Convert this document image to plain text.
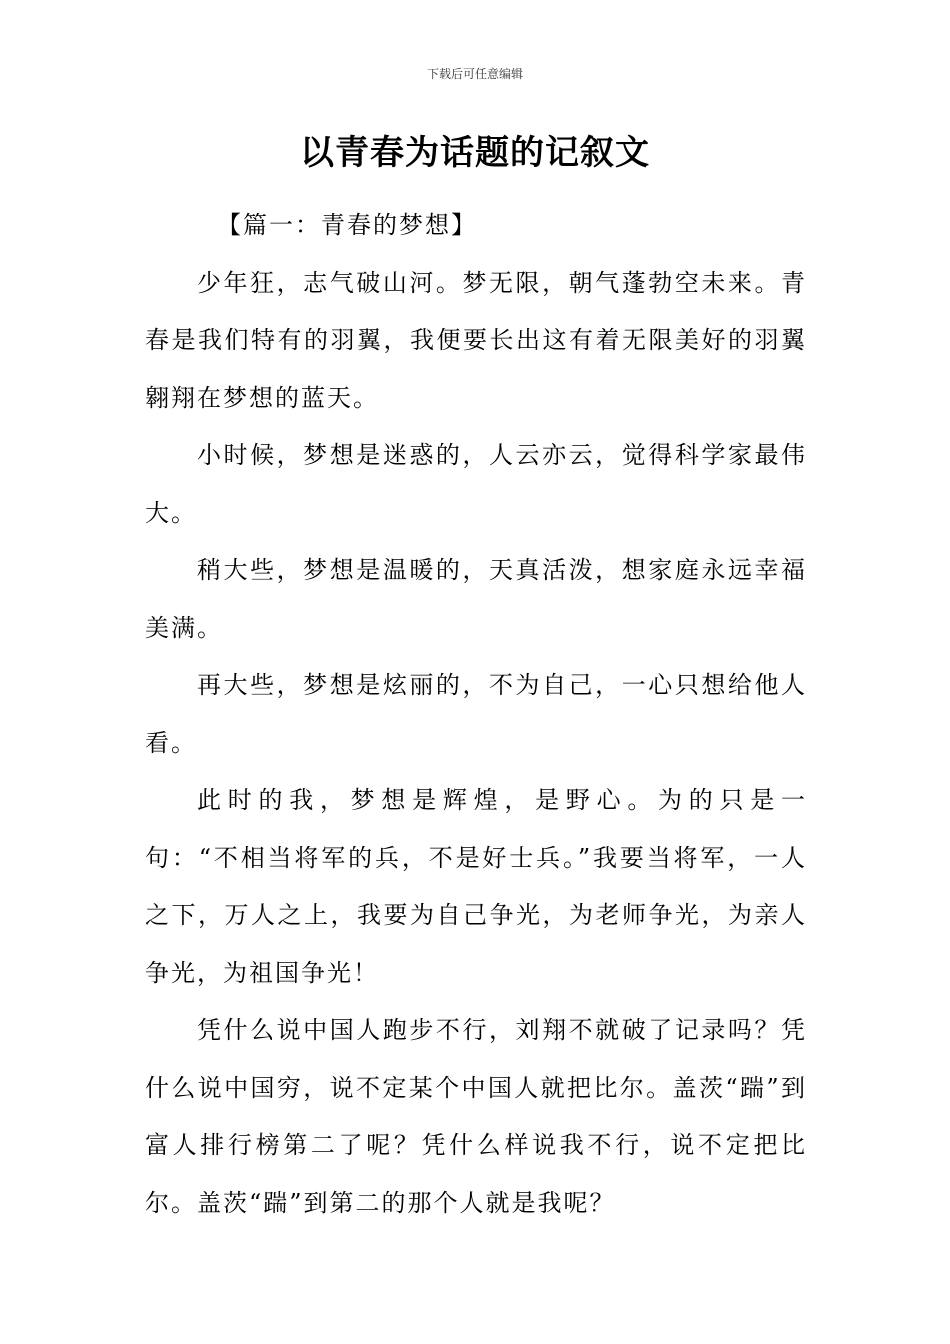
下载后可任意编辑
以青春为话题的记叙文

【篇一：青春的梦想】

少年狂，志气破山河。梦无限，朝气蓬勃空未来。青春是我们特有的羽翼，我便要长出这有着无限美好的羽翼翱翔在梦想的蓝天。

小时候，梦想是迷惑的，人云亦云，觉得科学家最伟大。

稍大些，梦想是温暖的，天真活泼，想家庭永远幸福美满。

再大些，梦想是炫丽的，不为自己，一心只想给他人看。

此时的我，梦想是辉煌，是野心。为的只是一句：“不相当将军的兵，不是好士兵。”我要当将军，一人之下，万人之上，我要为自己争光，为老师争光，为亲人争光，为祖国争光！

凭什么说中国人跑步不行，刘翔不就破了记录吗？凭什么说中国穷，说不定某个中国人就把比尔。盖茨“踹”到富人排行榜第二了呢？凭什么样说我不行，说不定把比尔。盖茨“踹”到第二的那个人就是我呢？
